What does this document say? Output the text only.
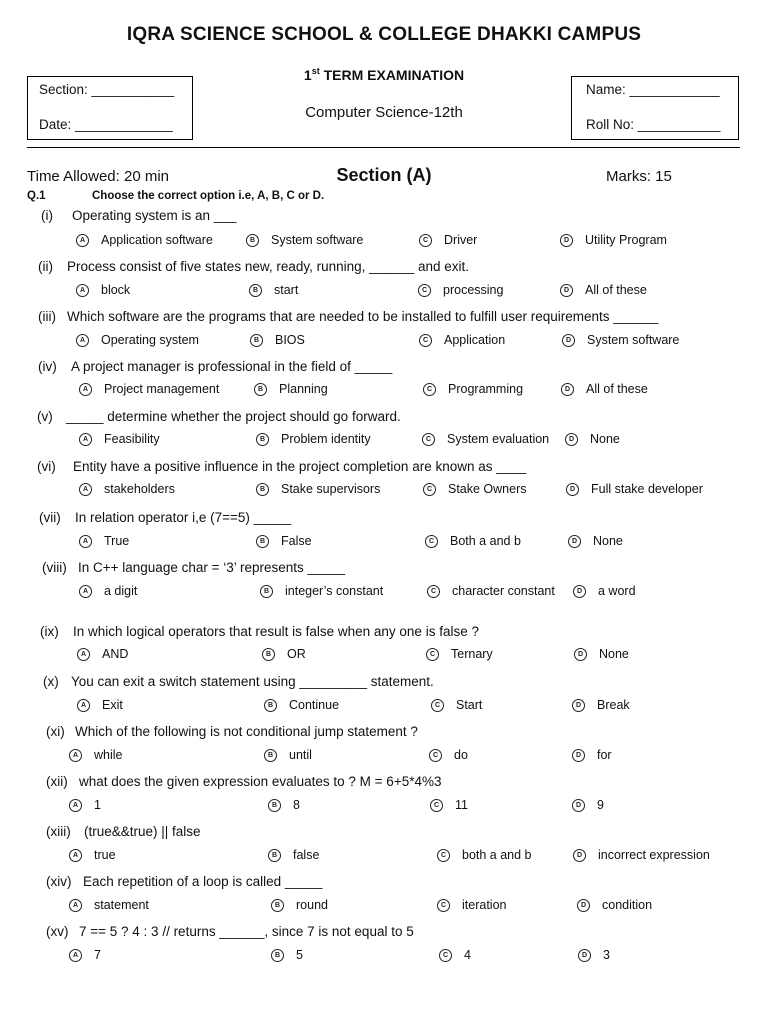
IQRA SCIENCE SCHOOL & COLLEGE DHAKKI CAMPUS
1st TERM EXAMINATION
Computer Science-12th
Section: ___________
Date: _____________
Name: ____________
Roll No: ___________
Time Allowed: 20 min	Section (A)	Marks: 15
Q.1	Choose the correct option i.e, A, B, C or D.
(i) Operating system is an ___
A	Application software	B	System software	C	Driver	D	Utility Program
(ii) Process consist of five states new, ready, running, ______ and exit.
A	block	B	start	C	processing	D	All of these
(iii) Which software are the programs that are needed to be installed to fulfill user requirements ______
A	Operating system	B	BIOS	C	Application	D	System software
(iv) A project manager is professional in the field of _____
A	Project management	B	Planning	C	Programming	D	All of these
(v) _____ determine whether the project should go forward.
A	Feasibility	B	Problem identity	C	System evaluation	D	None
(vi) Entity have a positive influence in the project completion are known as ____
A	stakeholders	B	Stake supervisors	C	Stake Owners	D	Full stake developer
(vii) In relation operator i,e (7==5) _____
A	True	B	False	C	Both a and b	D	None
(viii) In C++ language char = ‘3’ represents _____
A	a digit	B	integer’s constant	C	character constant	D	a word
(ix) In which logical operators that result is false when any one is false ?
A	AND	B	OR	C	Ternary	D	None
(x) You can exit a switch statement using _________ statement.
A	Exit	B	Continue	C	Start	D	Break
(xi) Which of the following is not conditional jump statement ?
A	while	B	until	C	do	D	for
(xii) what does the given expression evaluates to ? M = 6+5*4%3
A	1	B	8	C	11	D	9
(xiii) (true&&true) || false
A	true	B	false	C	both a and b	D	incorrect expression
(xiv) Each repetition of a loop is called _____
A	statement	B	round	C	iteration	D	condition
(xv) 7 == 5 ? 4 : 3 // returns ______, since 7 is not equal to 5
A	7	B	5	C	4	D	3
